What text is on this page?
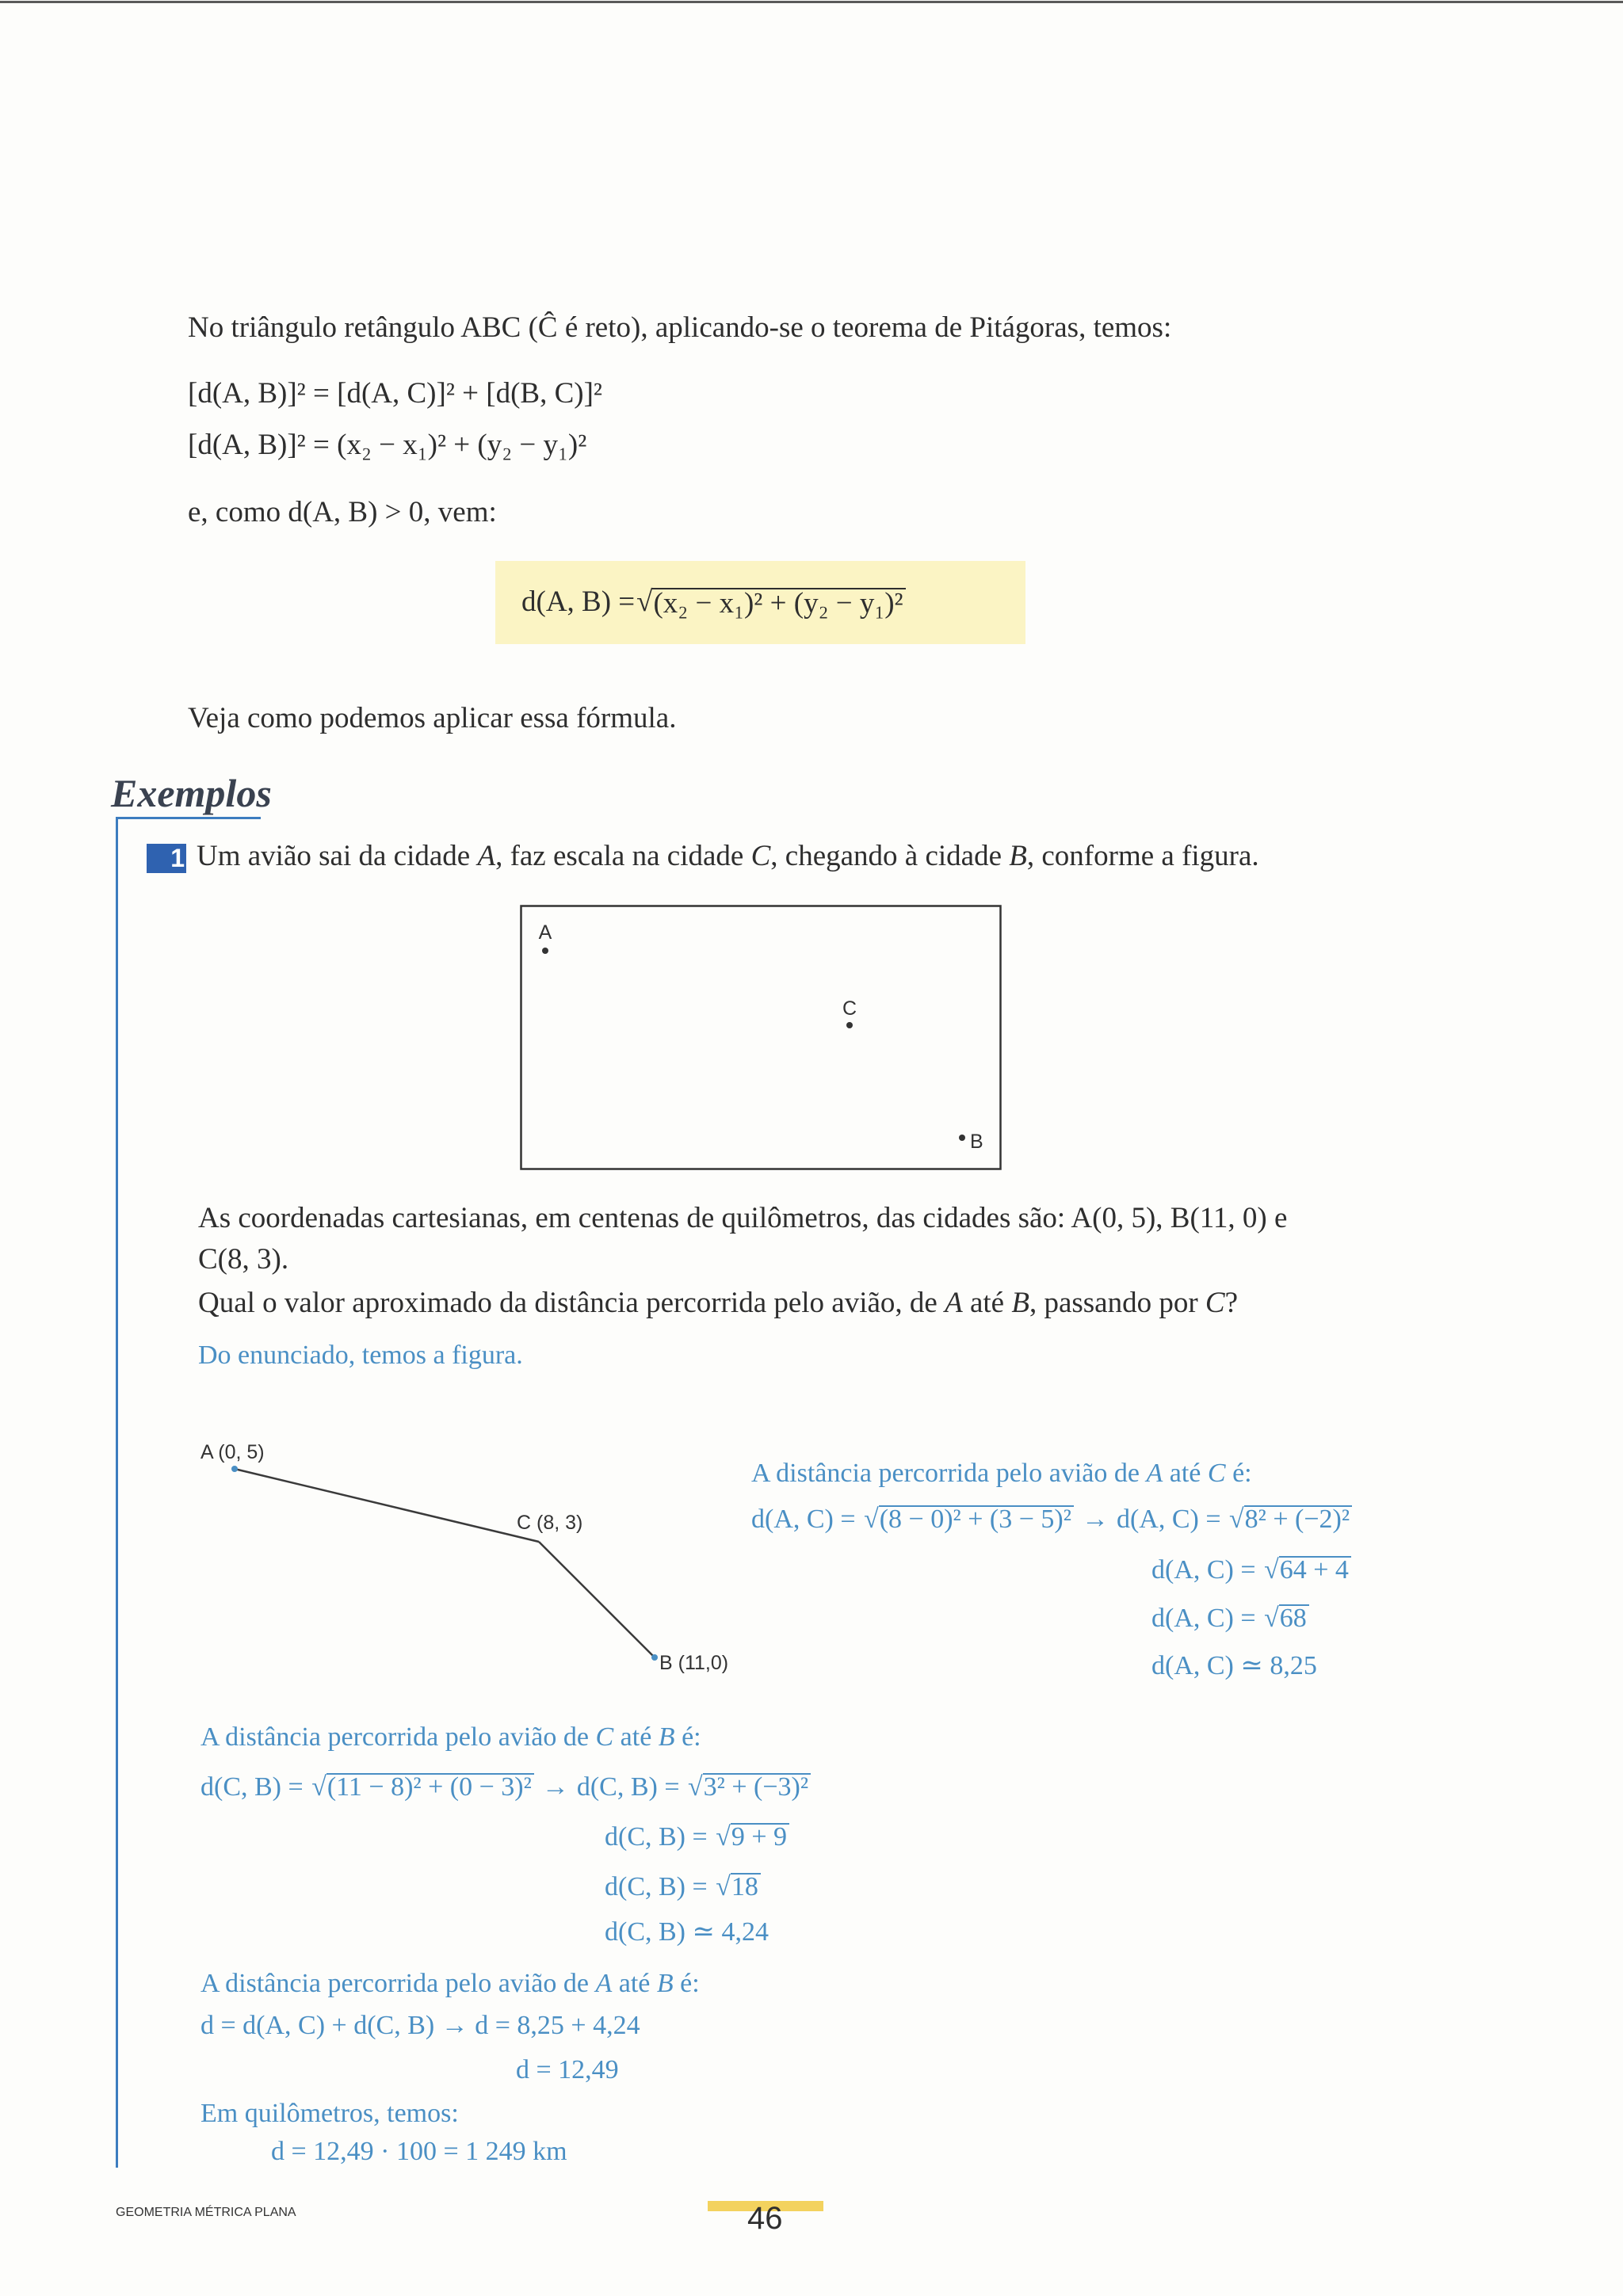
No triângulo retângulo ABC (Ĉ é reto), aplicando-se o teorema de Pitágoras, temos:
[d(A, B)]² = [d(A, C)]² + [d(B, C)]²
[d(A, B)]² = (x₂ − x₁)² + (y₂ − y₁)²
e, como d(A, B) > 0, vem:
d(A, B) =
√ (x₂ − x₁)² + (y₂ − y₁)²
Veja como podemos aplicar essa fórmula.
Exemplos
1 Um avião sai da cidade A, faz escala na cidade C, chegando à cidade B, conforme a figura.
A
C
B
As coordenadas cartesianas, em centenas de quilômetros, das cidades são: A(0, 5), B(11, 0) e
C(8, 3).
Qual o valor aproximado da distância percorrida pelo avião, de A até B, passando por C?
Do enunciado, temos a figura.
A (0, 5)
C (8, 3)
B (11,0)
A distância percorrida pelo avião de A até C é:
d(A, C) = √ (8 − 0)² + (3 − 5)² → d(A, C) = √ 8² + (−2)²
d(A, C) = √ 64 + 4
d(A, C) = √ 68
d(A, C) ≃ 8,25
A distância percorrida pelo avião de C até B é:
d(C, B) = √ (11 − 8)² + (0 − 3)² → d(C, B) = √ 3² + (−3)²
d(C, B) = √ 9 + 9
d(C, B) = √ 18
d(C, B) ≃ 4,24
A distância percorrida pelo avião de A até B é:
d = d(A, C) + d(C, B) → d = 8,25 + 4,24
d = 12,49
Em quilômetros, temos:
d = 12,49 · 100 = 1 249 km
GEOMETRIA MÉTRICA PLANA	46
